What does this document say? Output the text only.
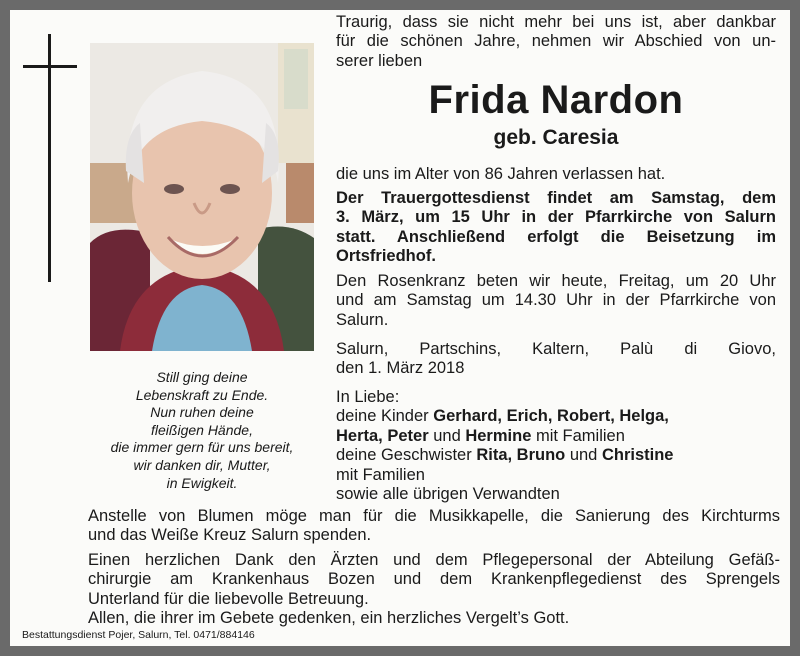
Still ging deine
Lebenskraft zu Ende.
Nun ruhen deine
fleißigen Hände,
die immer gern für uns bereit,
wir danken dir, Mutter,
in Ewigkeit.
Traurig, dass sie nicht mehr bei uns ist, aber dankbar
für die schönen Jahre, nehmen wir Abschied von un-
serer lieben
Frida Nardon
geb. Caresia
die uns im Alter von 86 Jahren verlassen hat.
Der Trauergottesdienst findet am Samstag, dem
3. März, um 15 Uhr in der Pfarrkirche von Salurn
statt. Anschließend erfolgt die Beisetzung im
Ortsfriedhof.
Den Rosenkranz beten wir heute, Freitag, um 20 Uhr
und am Samstag um 14.30 Uhr in der Pfarrkirche von
Salurn.
Salurn, Partschins, Kaltern, Palù di Giovo,
den 1. März 2018
In Liebe:
deine Kinder Gerhard, Erich, Robert, Helga,
Herta, Peter und Hermine mit Familien
deine Geschwister Rita, Bruno und Christine
mit Familien
sowie alle übrigen Verwandten
Anstelle von Blumen möge man für die Musikkapelle, die Sanierung des Kirchturms
und das Weiße Kreuz Salurn spenden.
Einen herzlichen Dank den Ärzten und dem Pflegepersonal der Abteilung Gefäß-
chirurgie am Krankenhaus Bozen und dem Krankenpflegedienst des Sprengels
Unterland für die liebevolle Betreuung.
Allen, die ihrer im Gebete gedenken, ein herzliches Vergelt’s Gott.
Bestattungsdienst Pojer, Salurn, Tel. 0471/884146
